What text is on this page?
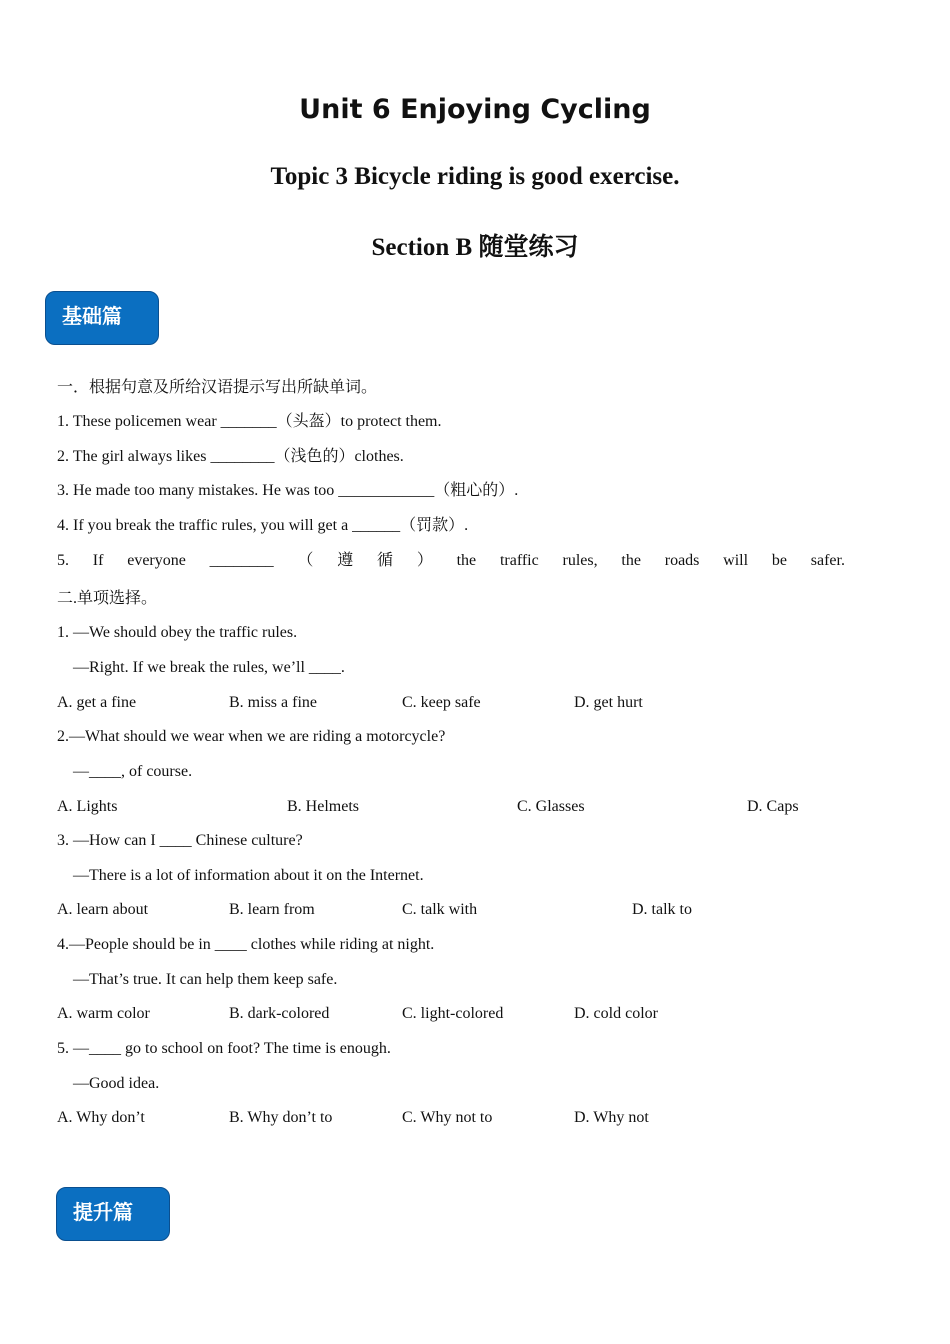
Unit 6 Enjoying Cycling
Topic 3 Bicycle riding is good exercise.
Section B 随堂练习
基础篇
一．根据句意及所给汉语提示写出所缺单词。
1. These policemen wear _______（头盔）to protect them.
2. The girl always likes ________（浅色的）clothes.
3. He made too many mistakes. He was too ____________（粗心的）.
4. If you break the traffic rules, you will get a ______（罚款）.
5. If everyone ________ （ 遵 循 ） the traffic rules, the roads will be safer.
二.单项选择。
1. —We should obey the traffic rules.
—Right. If we break the rules, we’ll ____.
A. get a fine	B. miss a fine	C. keep safe	D. get hurt
2.—What should we wear when we are riding a motorcycle?
—____, of course.
A. Lights	B. Helmets	C. Glasses	D. Caps
3. —How can I ____ Chinese culture?
—There is a lot of information about it on the Internet.
A. learn about	B. learn from	C. talk with	D. talk to
4.—People should be in ____ clothes while riding at night.
—That’s true. It can help them keep safe.
A. warm color	B. dark-colored	C. light-colored	D. cold color
5. —____ go to school on foot? The time is enough.
—Good idea.
A. Why don’t	B. Why don’t to	C. Why not to	D. Why not
提升篇
